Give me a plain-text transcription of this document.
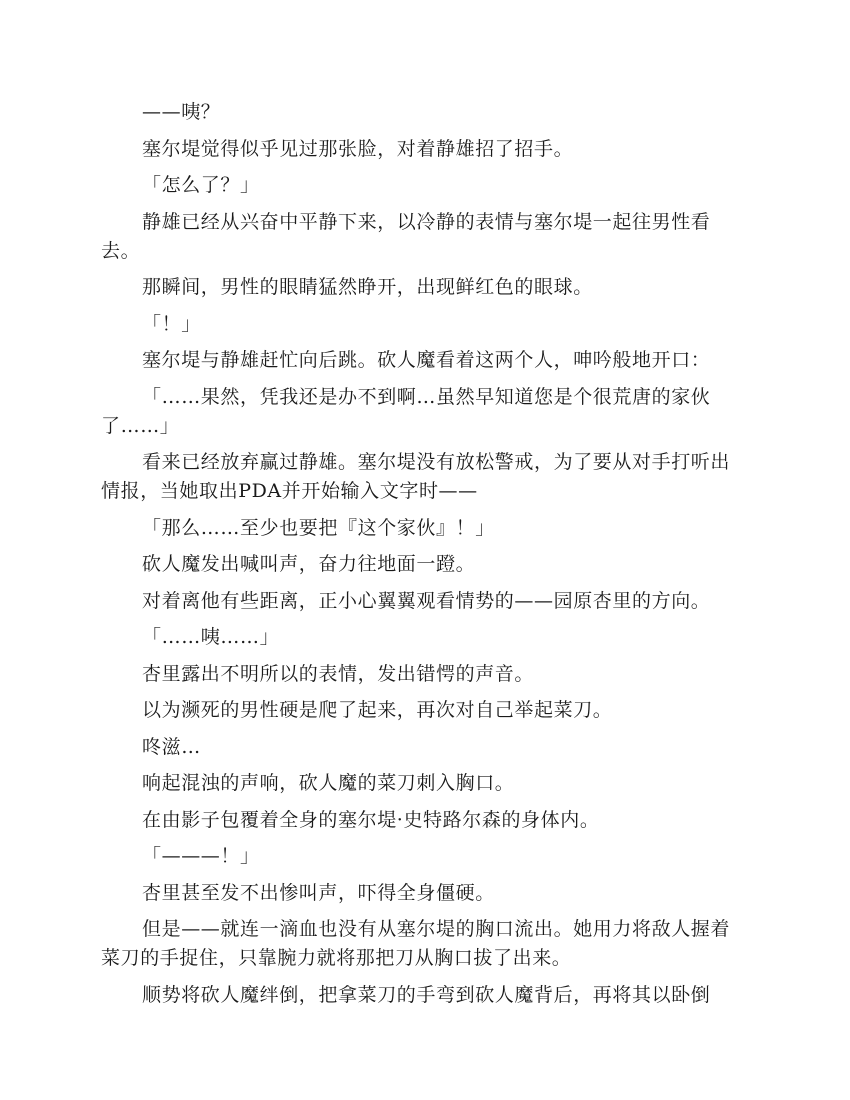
——咦？

塞尔堤觉得似乎见过那张脸，对着静雄招了招手。

「怎么了？」

静雄已经从兴奋中平静下来，以冷静的表情与塞尔堤一起往男性看去。

那瞬间，男性的眼睛猛然睁开，出现鲜红色的眼球。

「！」

塞尔堤与静雄赶忙向后跳。砍人魔看着这两个人，呻吟般地开口：

「……果然，凭我还是办不到啊…虽然早知道您是个很荒唐的家伙了……」

看来已经放弃赢过静雄。塞尔堤没有放松警戒，为了要从对手打听出情报，当她取出PDA并开始输入文字时——

「那么……至少也要把『这个家伙』！」

砍人魔发出喊叫声，奋力往地面一蹬。

对着离他有些距离，正小心翼翼观看情势的——园原杏里的方向。

「……咦……」

杏里露出不明所以的表情，发出错愕的声音。

以为濒死的男性硬是爬了起来，再次对自己举起菜刀。

咚滋…

响起混浊的声响，砍人魔的菜刀刺入胸口。

在由影子包覆着全身的塞尔堤·史特路尔森的身体内。

「———！」

杏里甚至发不出惨叫声，吓得全身僵硬。

但是——就连一滴血也没有从塞尔堤的胸口流出。她用力将敌人握着菜刀的手捉住，只靠腕力就将那把刀从胸口拔了出来。

顺势将砍人魔绊倒，把拿菜刀的手弯到砍人魔背后，再将其以卧倒
